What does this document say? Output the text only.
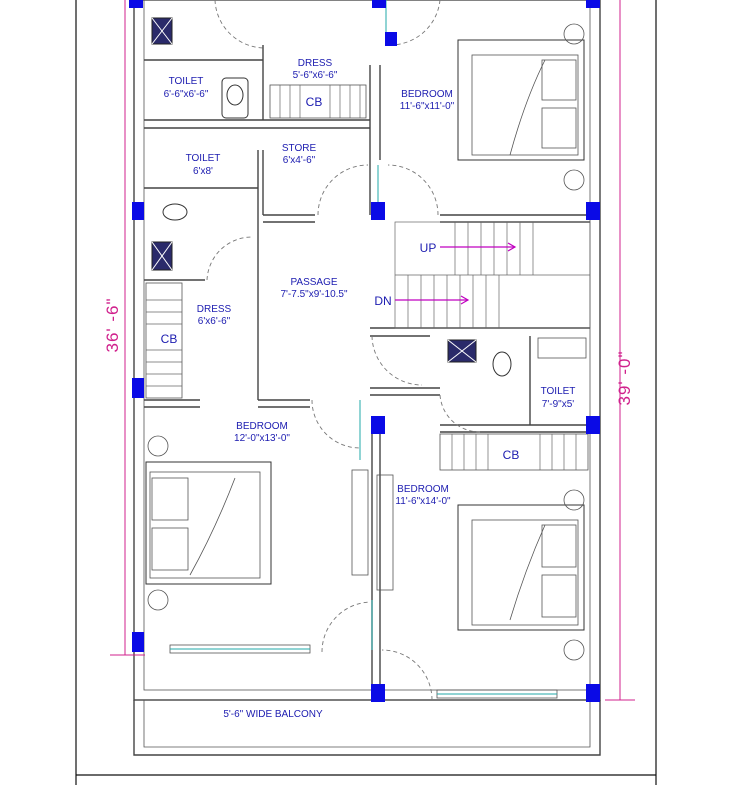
TOILET
6'-6"x6'-6"
DRESS
5'-6"x6'-6"
CB
BEDROOM
11'-6"x11'-0"
TOILET
6'x8'
STORE
6'x4'-6"
UP
DN
PASSAGE
7'-7.5"x9'-10.5"
DRESS
6'x6'-6"
CB
TOILET
7'-9"x5'
CB
BEDROOM
12'-0"x13'-0"
BEDROOM
11'-6"x14'-0"
5'-6" WIDE BALCONY
36' -6"
39' -0"
